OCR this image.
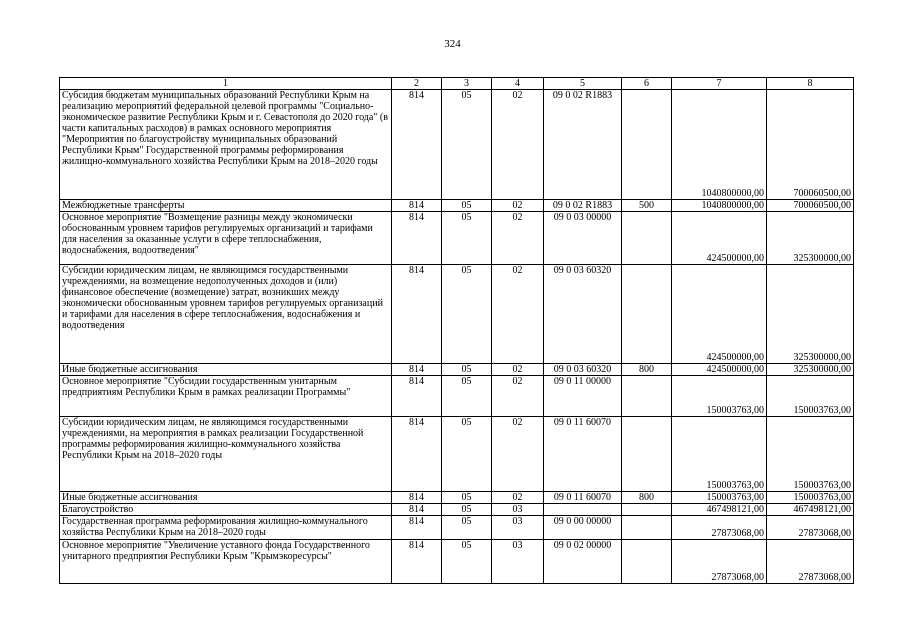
324
1	2	3	4	5	6	7	8
Субсидия бюджетам муниципальных образований Республики Крым на реализацию мероприятий федеральной целевой программы "Социально-экономическое развитие Республики Крым и г. Севастополя до 2020 года" (в части капитальных расходов) в рамках основного мероприятия "Мероприятия по благоустройству муниципальных образований Республики Крым" Государственной программы реформирования жилищно-коммунального хозяйства Республики Крым на 2018–2020 годы	814	05	02	09 0 02 R1883		1040800000,00	700060500,00
Межбюджетные трансферты	814	05	02	09 0 02 R1883	500	1040800000,00	700060500,00
Основное мероприятие "Возмещение разницы между экономически обоснованным уровнем тарифов регулируемых организаций и тарифами для населения за оказанные услуги в сфере теплоснабжения, водоснабжения, водоотведения"	814	05	02	09 0 03 00000		424500000,00	325300000,00
Субсидии юридическим лицам, не являющимся государственными учреждениями, на возмещение недополученных доходов и (или) финансовое обеспечение (возмещение) затрат, возникших между экономически обоснованным уровнем тарифов регулируемых организаций и тарифами для населения в сфере теплоснабжения, водоснабжения и водоотведения	814	05	02	09 0 03 60320		424500000,00	325300000,00
Иные бюджетные ассигнования	814	05	02	09 0 03 60320	800	424500000,00	325300000,00
Основное мероприятие "Субсидии государственным унитарным предприятиям Республики Крым в рамках реализации Программы"	814	05	02	09 0 11 00000		150003763,00	150003763,00
Субсидии юридическим лицам, не являющимся государственными учреждениями, на мероприятия в рамках реализации Государственной программы реформирования жилищно-коммунального хозяйства Республики Крым на 2018–2020 годы	814	05	02	09 0 11 60070		150003763,00	150003763,00
Иные бюджетные ассигнования	814	05	02	09 0 11 60070	800	150003763,00	150003763,00
Благоустройство	814	05	03			467498121,00	467498121,00
Государственная программа реформирования жилищно-коммунального хозяйства Республики Крым на 2018–2020 годы	814	05	03	09 0 00 00000		27873068,00	27873068,00
Основное мероприятие "Увеличение уставного фонда Государственного унитарного предприятия Республики Крым "Крымэкоресурсы"	814	05	03	09 0 02 00000		27873068,00	27873068,00
